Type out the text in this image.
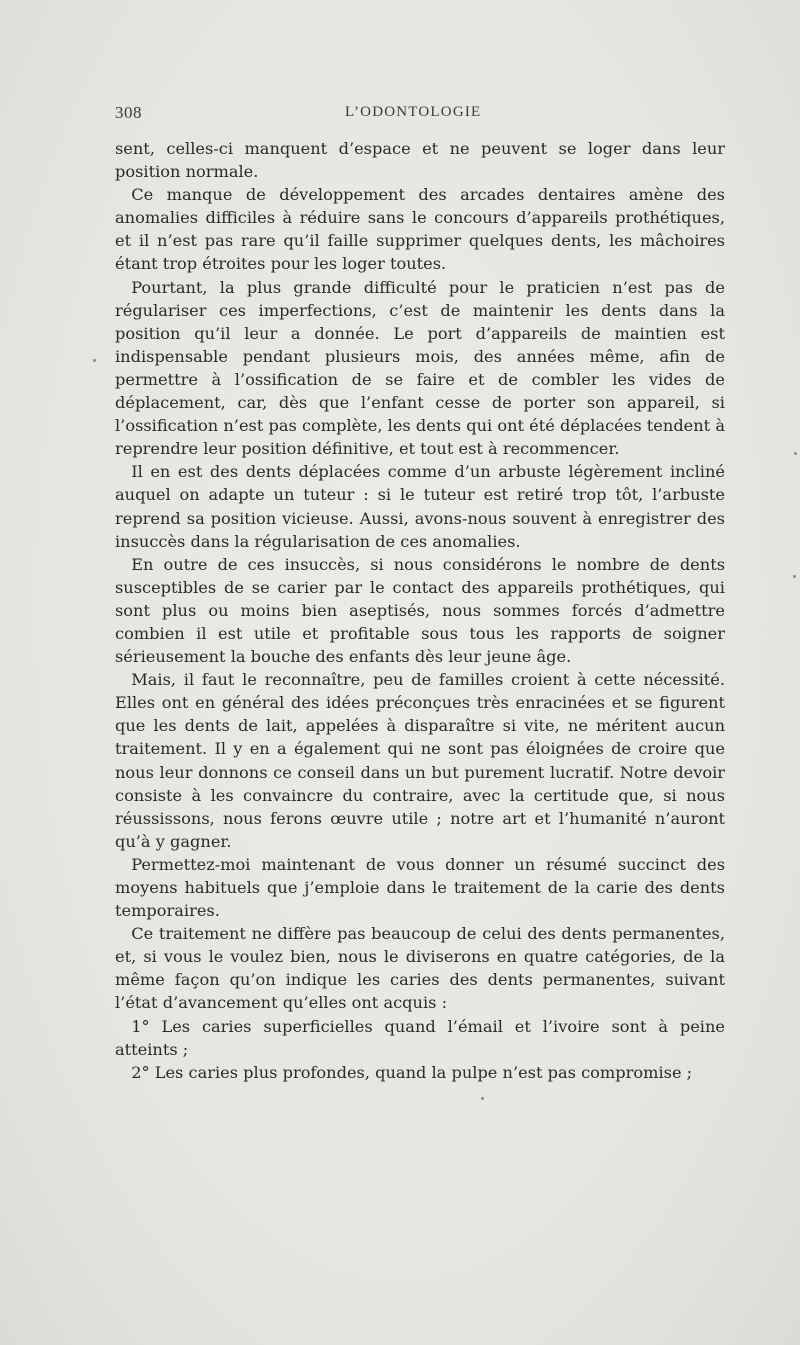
308	L’ODONTOLOGIE

sent, celles-ci manquent d’espace et ne peuvent se loger dans leur position normale.

Ce manque de développement des arcades dentaires amène des anomalies difficiles à réduire sans le concours d’appareils prothétiques, et il n’est pas rare qu’il faille supprimer quelques dents, les mâchoires étant trop étroites pour les loger toutes.

Pourtant, la plus grande difficulté pour le praticien n’est pas de régulariser ces imperfections, c’est de maintenir les dents dans la position qu’il leur a donnée. Le port d’appareils de maintien est indispensable pendant plusieurs mois, des années même, afin de permettre à l’ossification de se faire et de combler les vides de déplacement, car, dès que l’enfant cesse de porter son appareil, si l’ossification n’est pas complète, les dents qui ont été déplacées tendent à reprendre leur position définitive, et tout est à recommencer.

Il en est des dents déplacées comme d’un arbuste légèrement incliné auquel on adapte un tuteur : si le tuteur est retiré trop tôt, l’arbuste reprend sa position vicieuse. Aussi, avons-nous souvent à enregistrer des insuccès dans la régularisation de ces anomalies.

En outre de ces insuccès, si nous considérons le nombre de dents susceptibles de se carier par le contact des appareils prothétiques, qui sont plus ou moins bien aseptisés, nous sommes forcés d’admettre combien il est utile et profitable sous tous les rapports de soigner sérieusement la bouche des enfants dès leur jeune âge.

Mais, il faut le reconnaître, peu de familles croient à cette nécessité. Elles ont en général des idées préconçues très enracinées et se figurent que les dents de lait, appelées à disparaître si vite, ne méritent aucun traitement. Il y en a également qui ne sont pas éloignées de croire que nous leur donnons ce conseil dans un but purement lucratif. Notre devoir consiste à les convaincre du contraire, avec la certitude que, si nous réussissons, nous ferons œuvre utile ; notre art et l’humanité n’auront qu’à y gagner.

Permettez-moi maintenant de vous donner un résumé succinct des moyens habituels que j’emploie dans le traitement de la carie des dents temporaires.

Ce traitement ne diffère pas beaucoup de celui des dents permanentes, et, si vous le voulez bien, nous le diviserons en quatre catégories, de la même façon qu’on indique les caries des dents permanentes, suivant l’état d’avancement qu’elles ont acquis :

1° Les caries superficielles quand l’émail et l’ivoire sont à peine atteints ;

2° Les caries plus profondes, quand la pulpe n’est pas compromise ;
